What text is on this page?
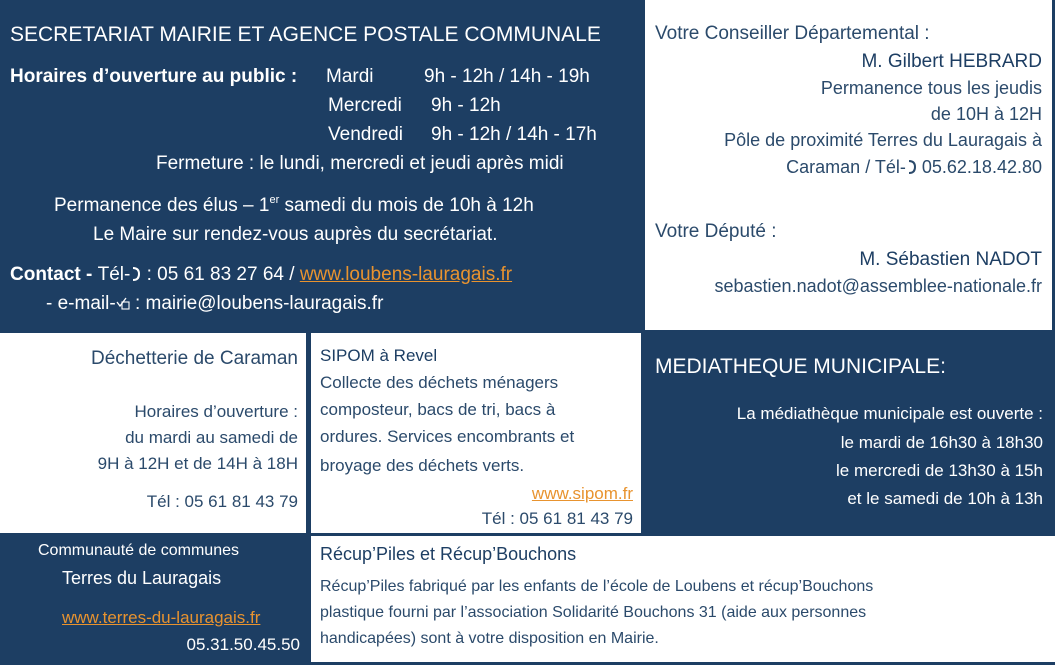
SECRETARIAT MAIRIE ET AGENCE POSTALE COMMUNALE
Horaires d’ouverture au public : Mardi	9h - 12h / 14h - 19h
Mercredi 9h - 12h
Vendredi 9h - 12h / 14h - 17h
Fermeture : le lundi, mercredi et jeudi après midi
Permanence des élus – 1er samedi du mois de 10h à 12h
Le Maire sur rendez-vous auprès du secrétariat.
Contact - Tél-
: 05 61 83 27 64 / www.loubens-lauragais.fr
- e-mail-
: mairie@loubens-lauragais.fr
Votre Conseiller Départemental :
M. Gilbert HEBRARD
Permanence tous les jeudis
de 10H à 12H
Pôle de proximité Terres du Lauragais à
Caraman / Tél-
05.62.18.42.80
Votre Député :
M. Sébastien NADOT
sebastien.nadot@assemblee-nationale.fr
Déchetterie de Caraman
Horaires d’ouverture :
du mardi au samedi de
9H à 12H et de 14H à 18H
Tél : 05 61 81 43 79
SIPOM à Revel
Collecte des déchets ménagers
composteur, bacs de tri, bacs à
ordures. Services encombrants et
broyage des déchets verts.
www.sipom.fr
Tél : 05 61 81 43 79
MEDIATHEQUE MUNICIPALE:
La médiathèque municipale est ouverte :
le mardi de 16h30 à 18h30
le mercredi de 13h30 à 15h
et le samedi de 10h à 13h
Communauté de communes
Terres du Lauragais
www.terres-du-lauragais.fr
05.31.50.45.50
Récup’Piles et Récup’Bouchons
Récup’Piles fabriqué par les enfants de l’école de Loubens et récup’Bouchons
plastique fourni par l’association Solidarité Bouchons 31 (aide aux personnes
handicapées) sont à votre disposition en Mairie.
